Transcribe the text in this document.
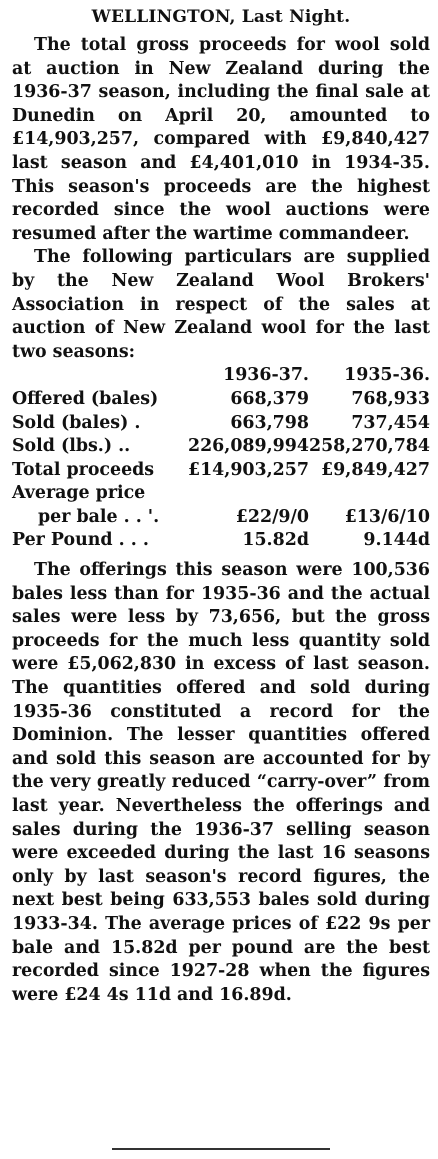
WELLINGTON, Last Night.

The total gross proceeds for wool sold at auction in New Zealand during the 1936-37 season, including the final sale at Dunedin on April 20, amounted to £14,903,257, compared with £9,840,427 last season and £4,401,010 in 1934-35. This season's proceeds are the highest recorded since the wool auctions were resumed after the wartime commandeer.

The following particulars are supplied by the New Zealand Wool Brokers' Association in respect of the sales at auction of New Zealand wool for the last two seasons:

	1936-37.	1935-36.
Offered (bales)	668,379	768,933
Sold (bales) .	663,798	737,454
Sold (lbs.) ..	226,089,994	258,270,784
Total proceeds	£14,903,257	£9,849,427
Average price		
per bale . . '.	£22/9/0	£13/6/10
Per Pound . . .	15.82d	9.144d

The offerings this season were 100,536 bales less than for 1935-36 and the actual sales were less by 73,656, but the gross proceeds for the much less quantity sold were £5,062,830 in excess of last season. The quantities offered and sold during 1935-36 constituted a record for the Dominion. The lesser quantities offered and sold this season are accounted for by the very greatly reduced “carry-over” from last year. Nevertheless the offerings and sales during the 1936-37 selling season were exceeded during the last 16 seasons only by last season's record figures, the next best being 633,553 bales sold during 1933-34. The average prices of £22 9s per bale and 15.82d per pound are the best recorded since 1927-28 when the figures were £24 4s 11d and 16.89d.
